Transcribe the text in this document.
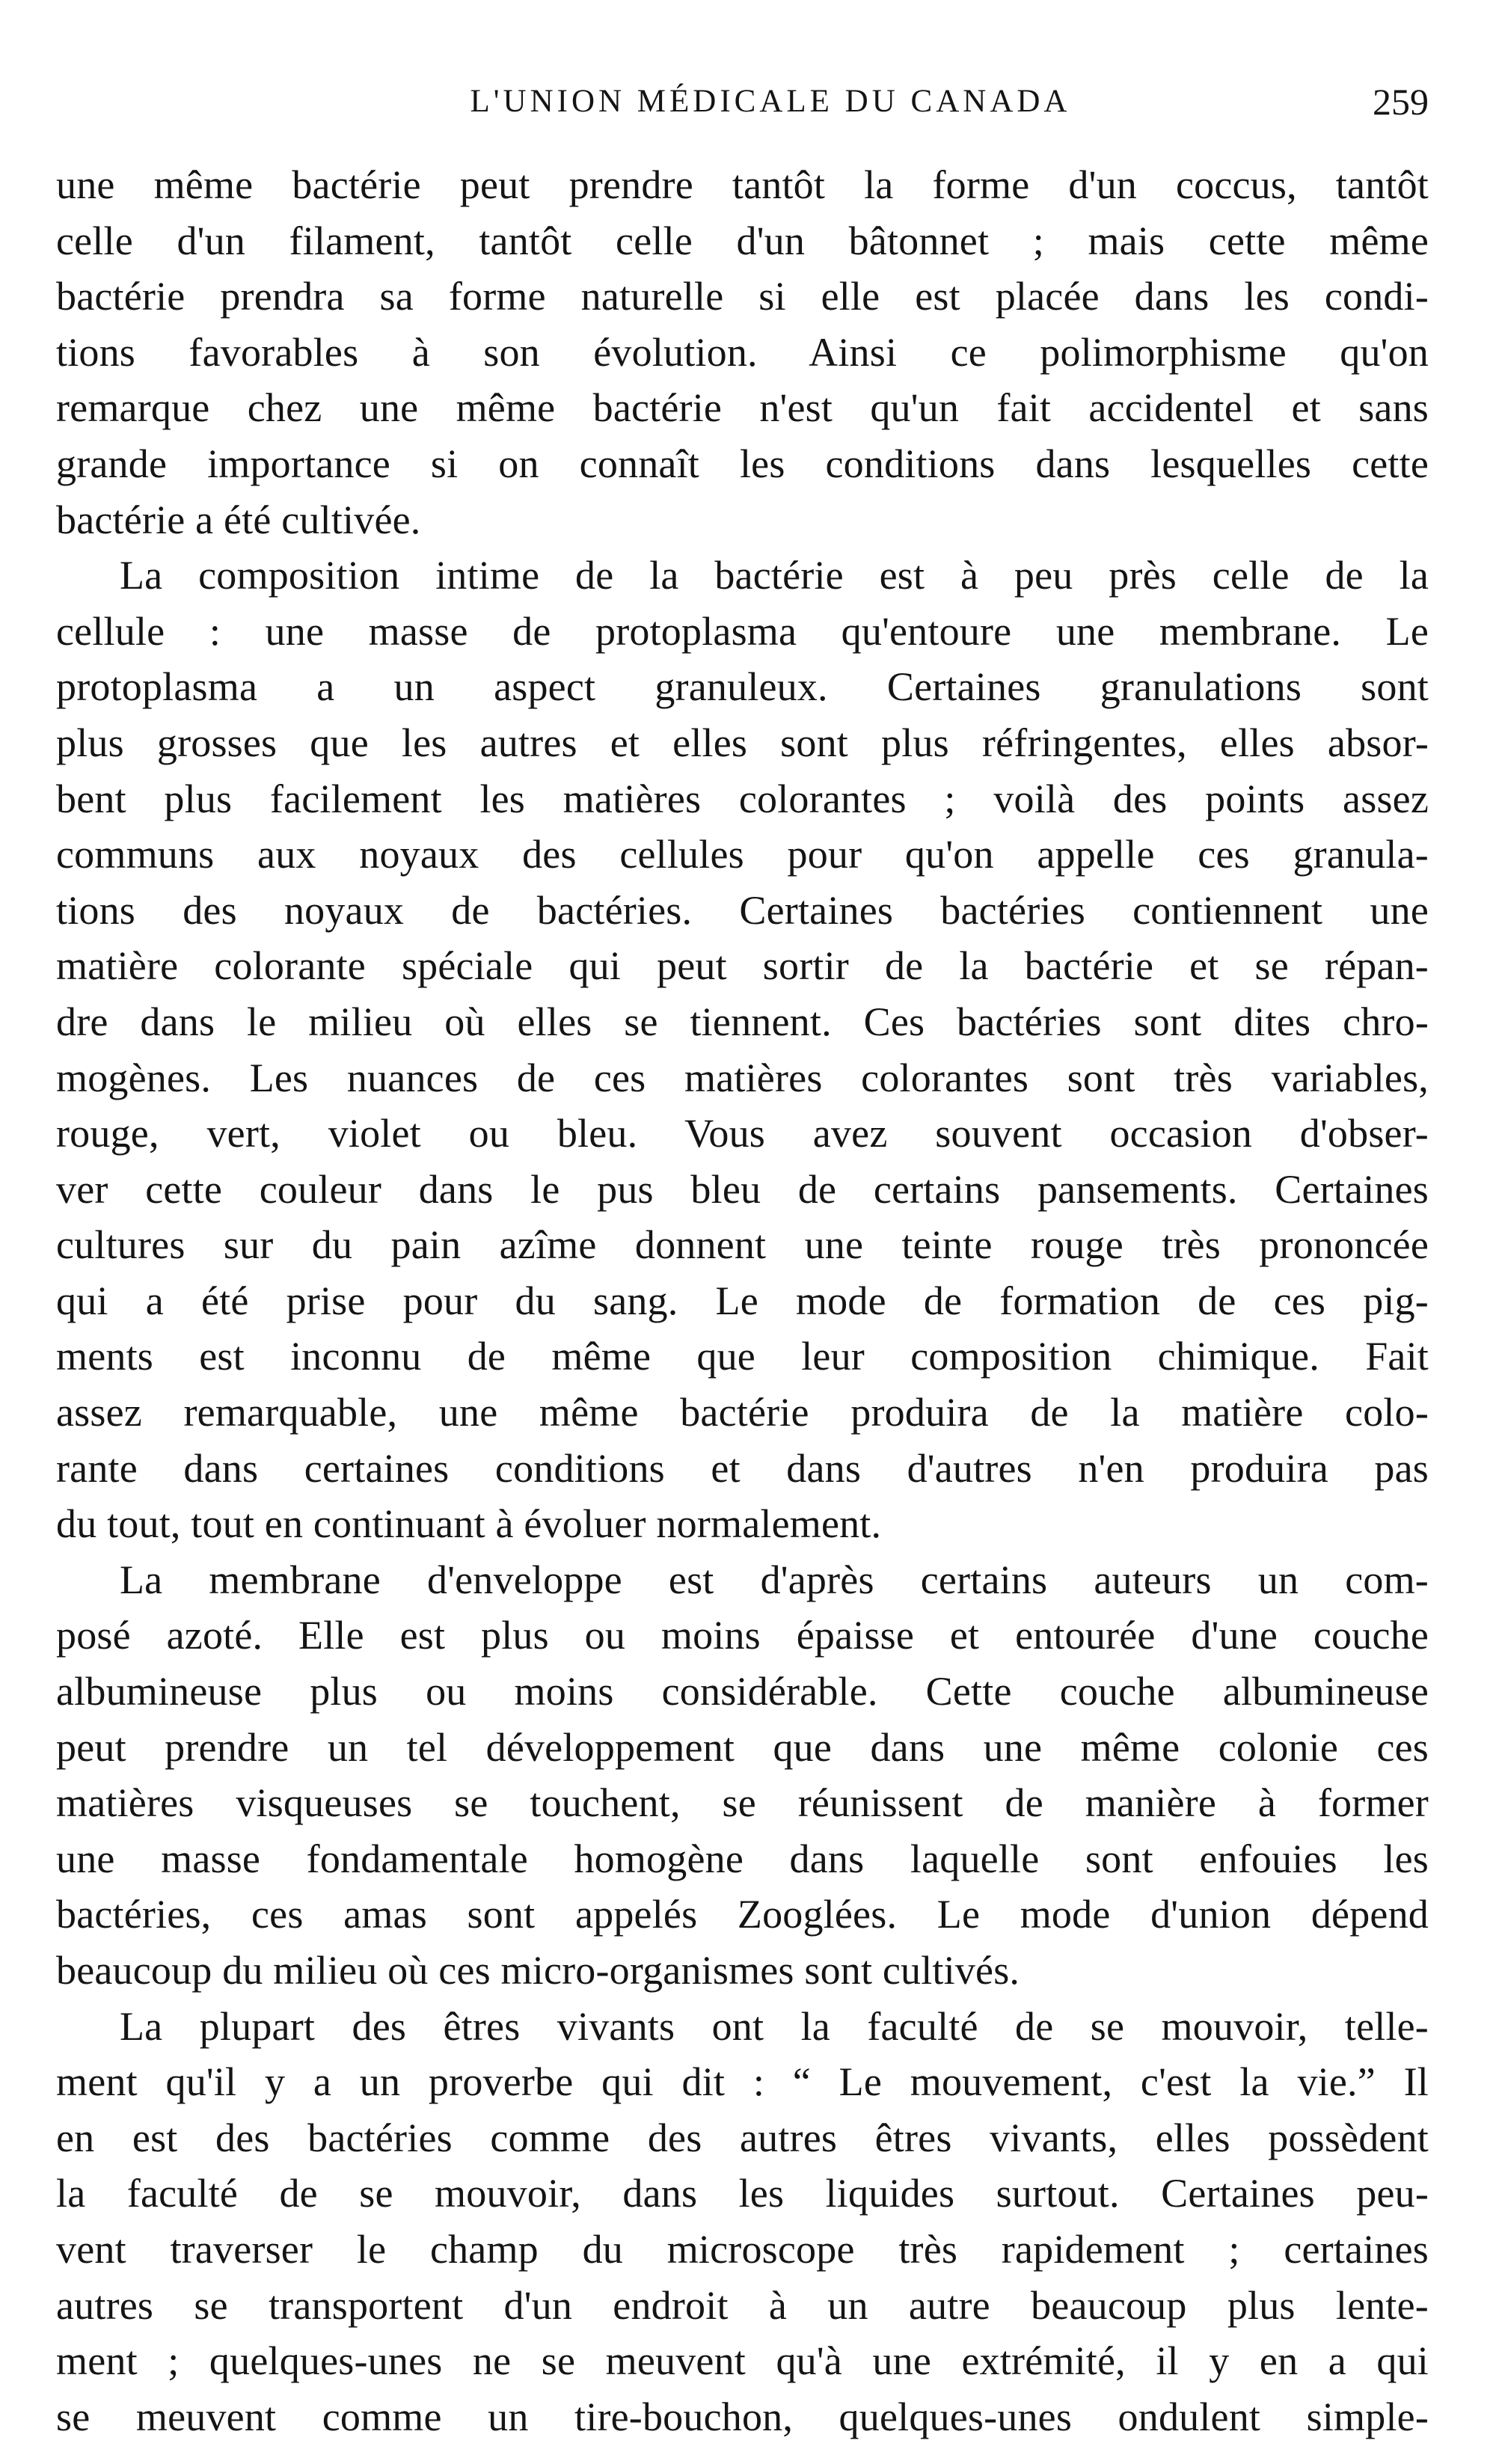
L'UNION MÉDICALE DU CANADA	259
une même bactérie peut prendre tantôt la forme d'un coccus, tantôt
celle d'un filament, tantôt celle d'un bâtonnet ; mais cette même
bactérie prendra sa forme naturelle si elle est placée dans les condi-
tions favorables à son évolution. Ainsi ce polimorphisme qu'on
remarque chez une même bactérie n'est qu'un fait accidentel et sans
grande importance si on connaît les conditions dans lesquelles cette
bactérie a été cultivée.
La composition intime de la bactérie est à peu près celle de la
cellule : une masse de protoplasma qu'entoure une membrane. Le
protoplasma a un aspect granuleux. Certaines granulations sont
plus grosses que les autres et elles sont plus réfringentes, elles absor-
bent plus facilement les matières colorantes ; voilà des points assez
communs aux noyaux des cellules pour qu'on appelle ces granula-
tions des noyaux de bactéries. Certaines bactéries contiennent une
matière colorante spéciale qui peut sortir de la bactérie et se répan-
dre dans le milieu où elles se tiennent. Ces bactéries sont dites chro-
mogènes. Les nuances de ces matières colorantes sont très variables,
rouge, vert, violet ou bleu. Vous avez souvent occasion d'obser-
ver cette couleur dans le pus bleu de certains pansements. Certaines
cultures sur du pain azîme donnent une teinte rouge très prononcée
qui a été prise pour du sang. Le mode de formation de ces pig-
ments est inconnu de même que leur composition chimique. Fait
assez remarquable, une même bactérie produira de la matière colo-
rante dans certaines conditions et dans d'autres n'en produira pas
du tout, tout en continuant à évoluer normalement.
La membrane d'enveloppe est d'après certains auteurs un com-
posé azoté. Elle est plus ou moins épaisse et entourée d'une couche
albumineuse plus ou moins considérable. Cette couche albumineuse
peut prendre un tel développement que dans une même colonie ces
matières visqueuses se touchent, se réunissent de manière à former
une masse fondamentale homogène dans laquelle sont enfouies les
bactéries, ces amas sont appelés Zooglées. Le mode d'union dépend
beaucoup du milieu où ces micro-organismes sont cultivés.
La plupart des êtres vivants ont la faculté de se mouvoir, telle-
ment qu'il y a un proverbe qui dit : “ Le mouvement, c'est la vie.” Il
en est des bactéries comme des autres êtres vivants, elles possèdent
la faculté de se mouvoir, dans les liquides surtout. Certaines peu-
vent traverser le champ du microscope très rapidement ; certaines
autres se transportent d'un endroit à un autre beaucoup plus lente-
ment ; quelques-unes ne se meuvent qu'à une extrémité, il y en a qui
se meuvent comme un tire-bouchon, quelques-unes ondulent simple-
